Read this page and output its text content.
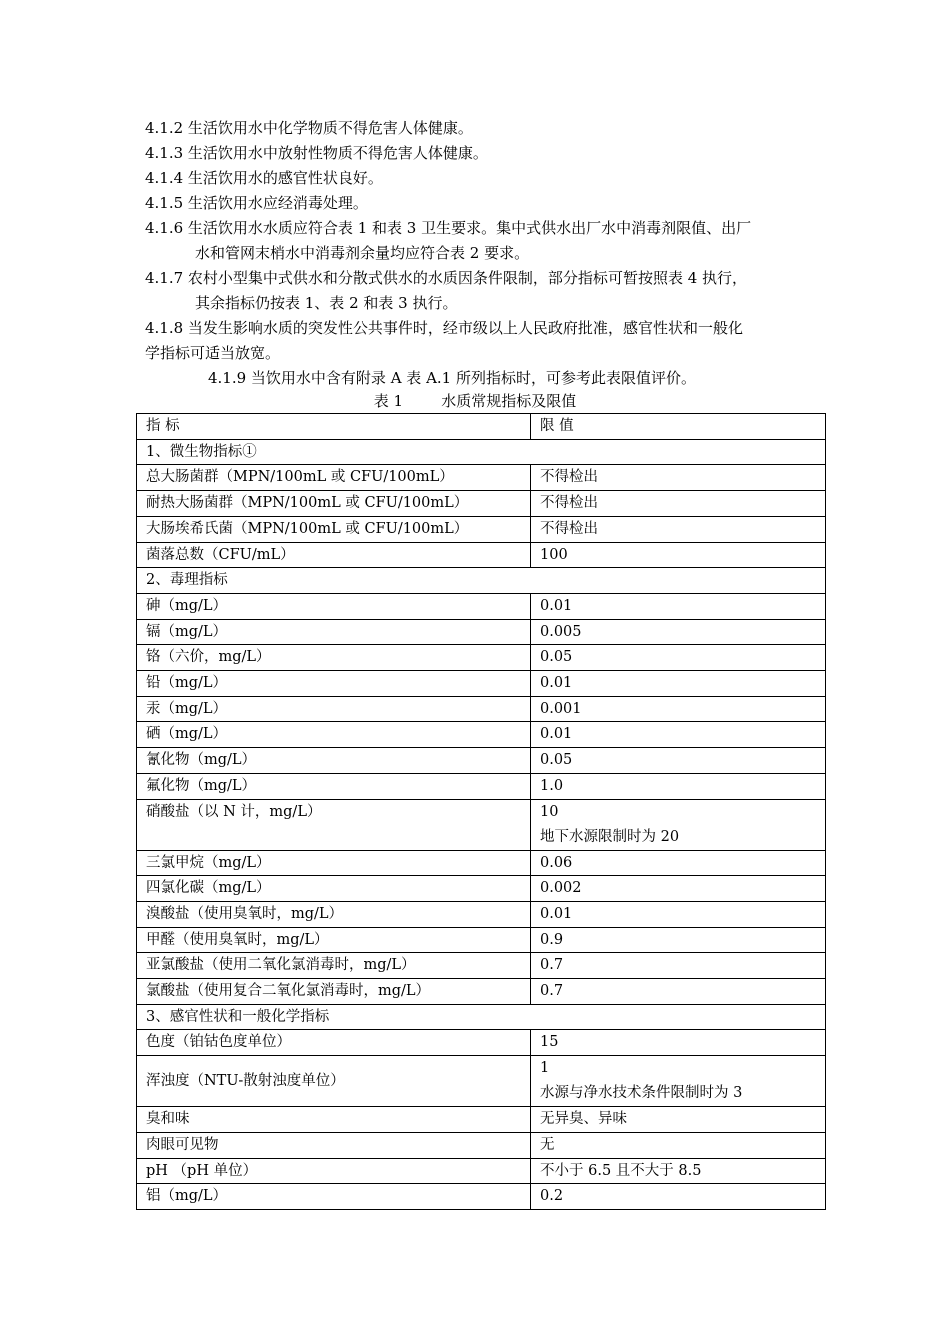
4.1.2 生活饮用水中化学物质不得危害人体健康。
4.1.3 生活饮用水中放射性物质不得危害人体健康。
4.1.4 生活饮用水的感官性状良好。
4.1.5 生活饮用水应经消毒处理。
4.1.6 生活饮用水水质应符合表 1 和表 3 卫生要求。集中式供水出厂水中消毒剂限值、出厂
水和管网末梢水中消毒剂余量均应符合表 2 要求。
4.1.7 农村小型集中式供水和分散式供水的水质因条件限制，部分指标可暂按照表 4 执行，
其余指标仍按表 1、表 2 和表 3 执行。
4.1.8 当发生影响水质的突发性公共事件时，经市级以上人民政府批准，感官性状和一般化
学指标可适当放宽。
4.1.9 当饮用水中含有附录 A 表 A.1 所列指标时，可参考此表限值评价。
表 1        水质常规指标及限值
指 标	限 值
1、微生物指标①	
总大肠菌群（MPN/100mL 或 CFU/100mL）	不得检出
耐热大肠菌群（MPN/100mL 或 CFU/100mL）	不得检出
大肠埃希氏菌（MPN/100mL 或 CFU/100mL）	不得检出
菌落总数（CFU/mL）	100
2、毒理指标	
砷（mg/L）	0.01
镉（mg/L）	0.005
铬（六价，mg/L）	0.05
铅（mg/L）	0.01
汞（mg/L）	0.001
硒（mg/L）	0.01
氰化物（mg/L）	0.05
氟化物（mg/L）	1.0
硝酸盐（以 N 计，mg/L）	10
地下水源限制时为 20

三氯甲烷（mg/L）	0.06
四氯化碳（mg/L）	0.002
溴酸盐（使用臭氧时，mg/L）	0.01
甲醛（使用臭氧时，mg/L）	0.9
亚氯酸盐（使用二氧化氯消毒时，mg/L）	0.7
氯酸盐（使用复合二氧化氯消毒时，mg/L）	0.7
3、感官性状和一般化学指标	
色度（铂钴色度单位）	15
浑浊度（NTU-散射浊度单位）	1
水源与净水技术条件限制时为 3

臭和味	无异臭、异味
肉眼可见物	无
pH （pH 单位）	不小于 6.5 且不大于 8.5
铝（mg/L）	0.2
